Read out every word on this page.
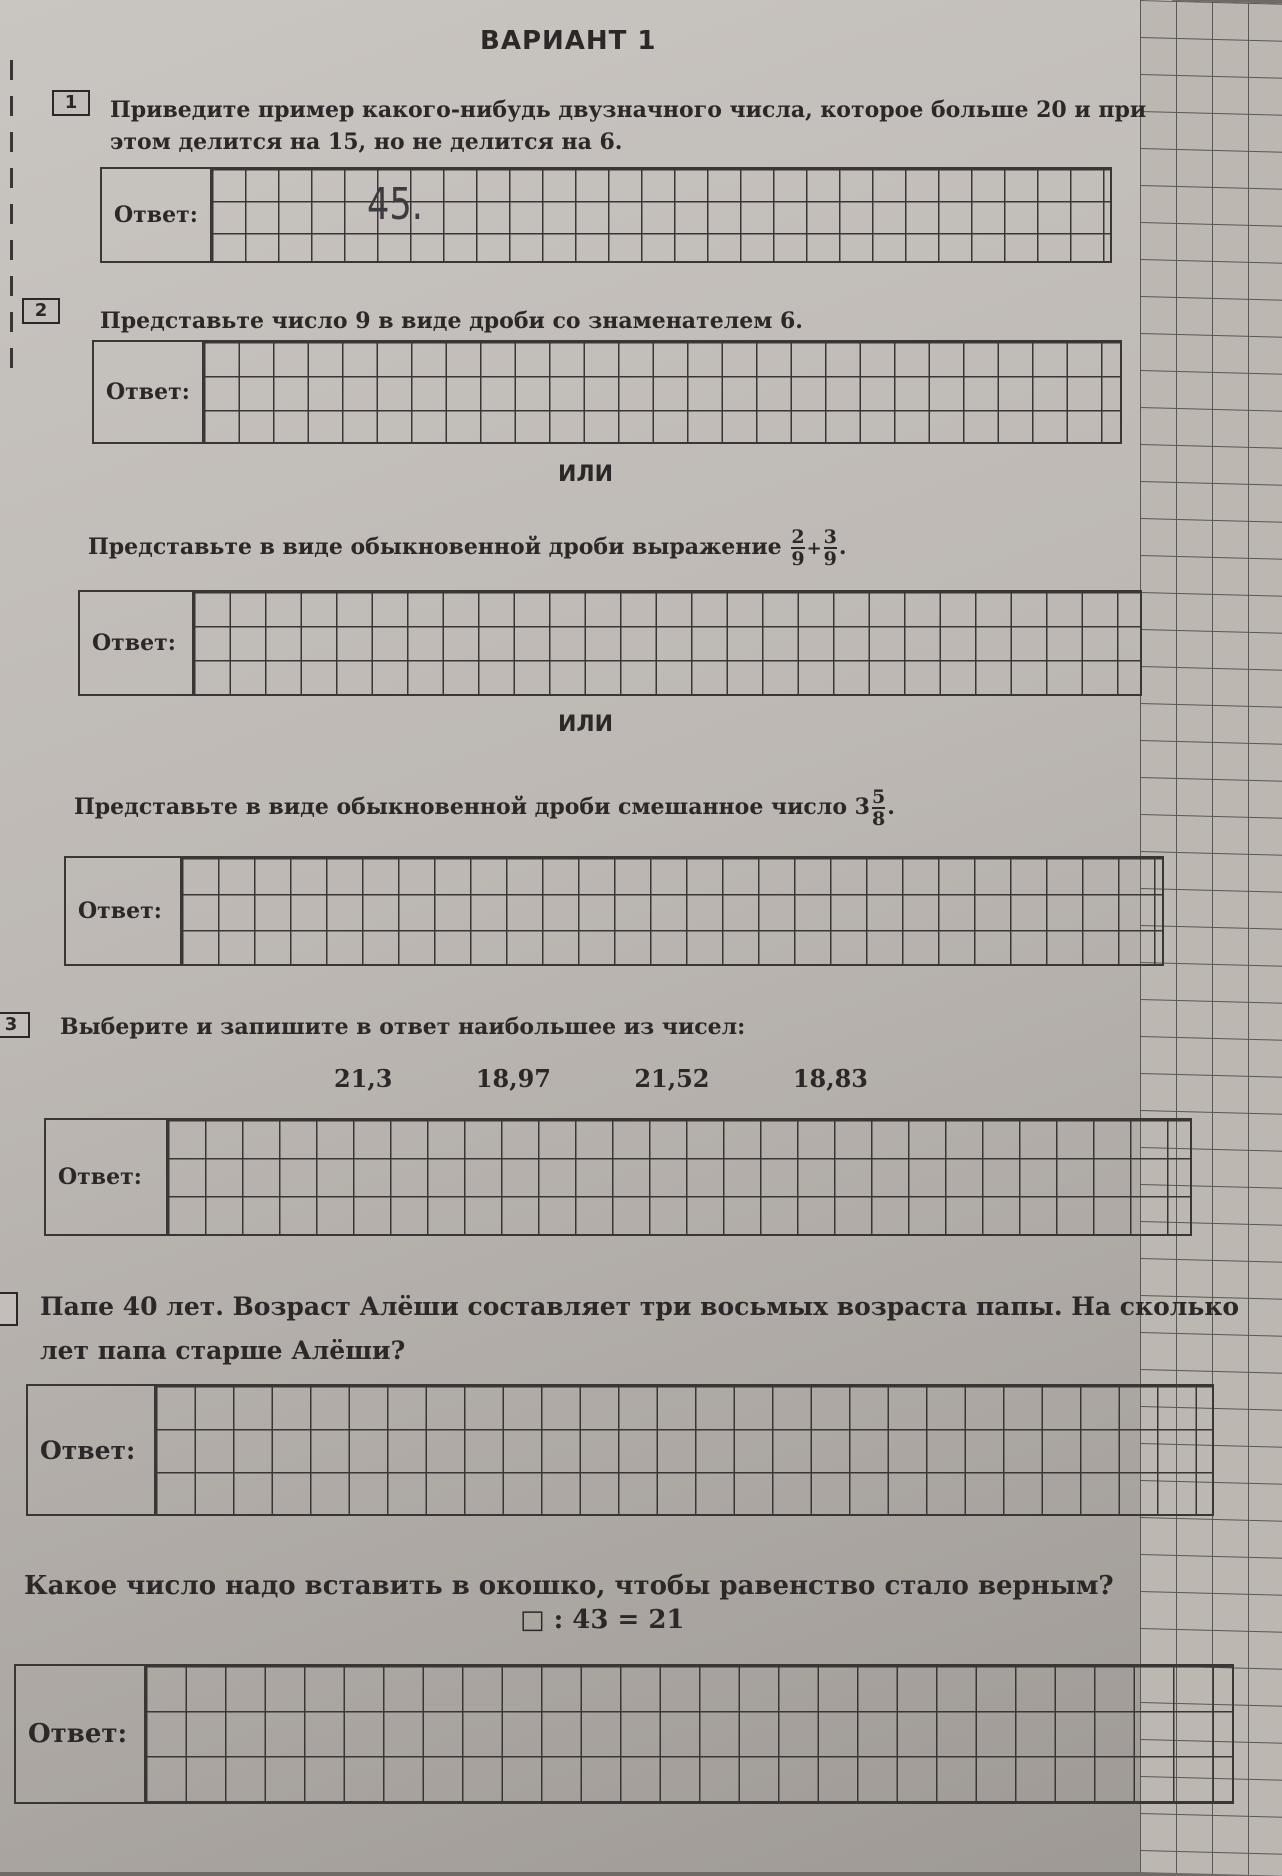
ВАРИАНТ 1
1	Приведите пример какого-нибудь двузначного числа, которое больше 20 и при
этом делится на 15, но не делится на 6.
Ответ:	45.
2	Представьте число 9 в виде дроби со знаменателем 6.
Ответ:
ИЛИ
Представьте в виде обыкновенной дроби выражение $\frac{2}{9} + \frac{3}{9}$ .
Ответ:
ИЛИ
Представьте в виде обыкновенной дроби смешанное число $3 \frac{5}{8}$ .
Ответ:
3	Выберите и запишите в ответ наибольшее из чисел:
21,3	18,97	21,52	18,83
Ответ:
Папе 40 лет. Возраст Алёши составляет три восьмых возраста папы. На сколько
лет папа старше Алёши?
Ответ:
Какое число надо вставить в окошко, чтобы равенство стало верным?
□ : 43 = 21
Ответ:
